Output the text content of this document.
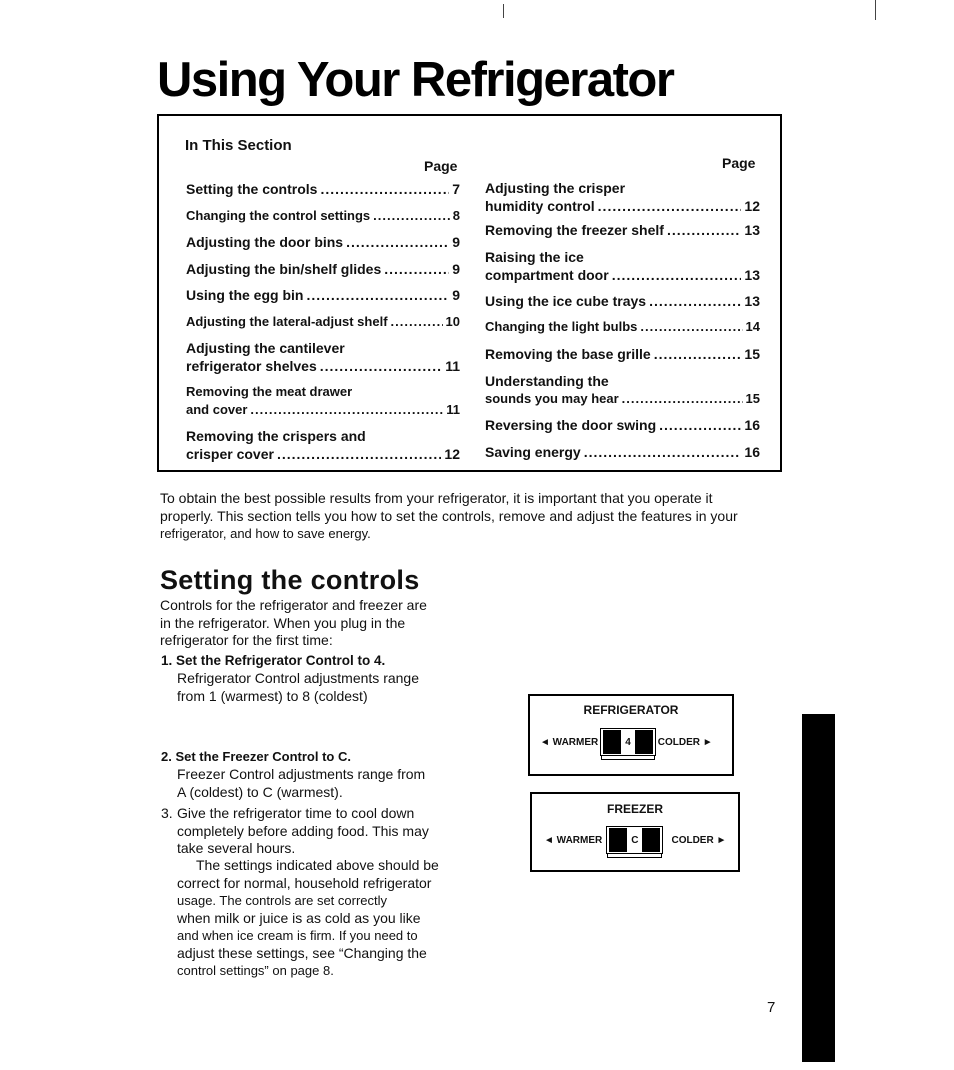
Using Your Refrigerator
In This Section
Page	Page
Setting the controls .....	7
Changing the control settings .....	8
Adjusting the door bins .....	9
Adjusting the bin/shelf glides .....	9
Using the egg bin .....	9
Adjusting the lateral-adjust shelf .....	10
Adjusting the cantilever
refrigerator shelves .....	11
Removing the meat drawer
and cover .....	11
Removing the crispers and
crisper cover .....	12
Adjusting the crisper
humidity control .....	12
Removing the freezer shelf .....	13
Raising the ice
compartment door .....	13
Using the ice cube trays .....	13
Changing the light bulbs .....	14
Removing the base grille .....	15
Understanding the
sounds you may hear .....	15
Reversing the door swing .....	16
Saving energy .....	16
To obtain the best possible results from your refrigerator, it is important that you operate it
properly. This section tells you how to set the controls, remove and adjust the features in your
refrigerator, and how to save energy.
Setting the controls
Controls for the refrigerator and freezer are
in the refrigerator. When you plug in the
refrigerator for the first time:
1. Set the Refrigerator Control to 4.
Refrigerator Control adjustments range
from 1 (warmest) to 8 (coldest)
2. Set the Freezer Control to C.
Freezer Control adjustments range from
A (coldest) to C (warmest).
3. Give the refrigerator time to cool down
completely before adding food. This may
take several hours.
The settings indicated above should be
correct for normal, household refrigerator
usage. The controls are set correctly
when milk or juice is as cold as you like
and when ice cream is firm. If you need to
adjust these settings, see “Changing the
control settings” on page 8.
REFRIGERATOR
◄ WARMER	4	COLDER ►
FREEZER
◄ WARMER	C	COLDER ►
7
